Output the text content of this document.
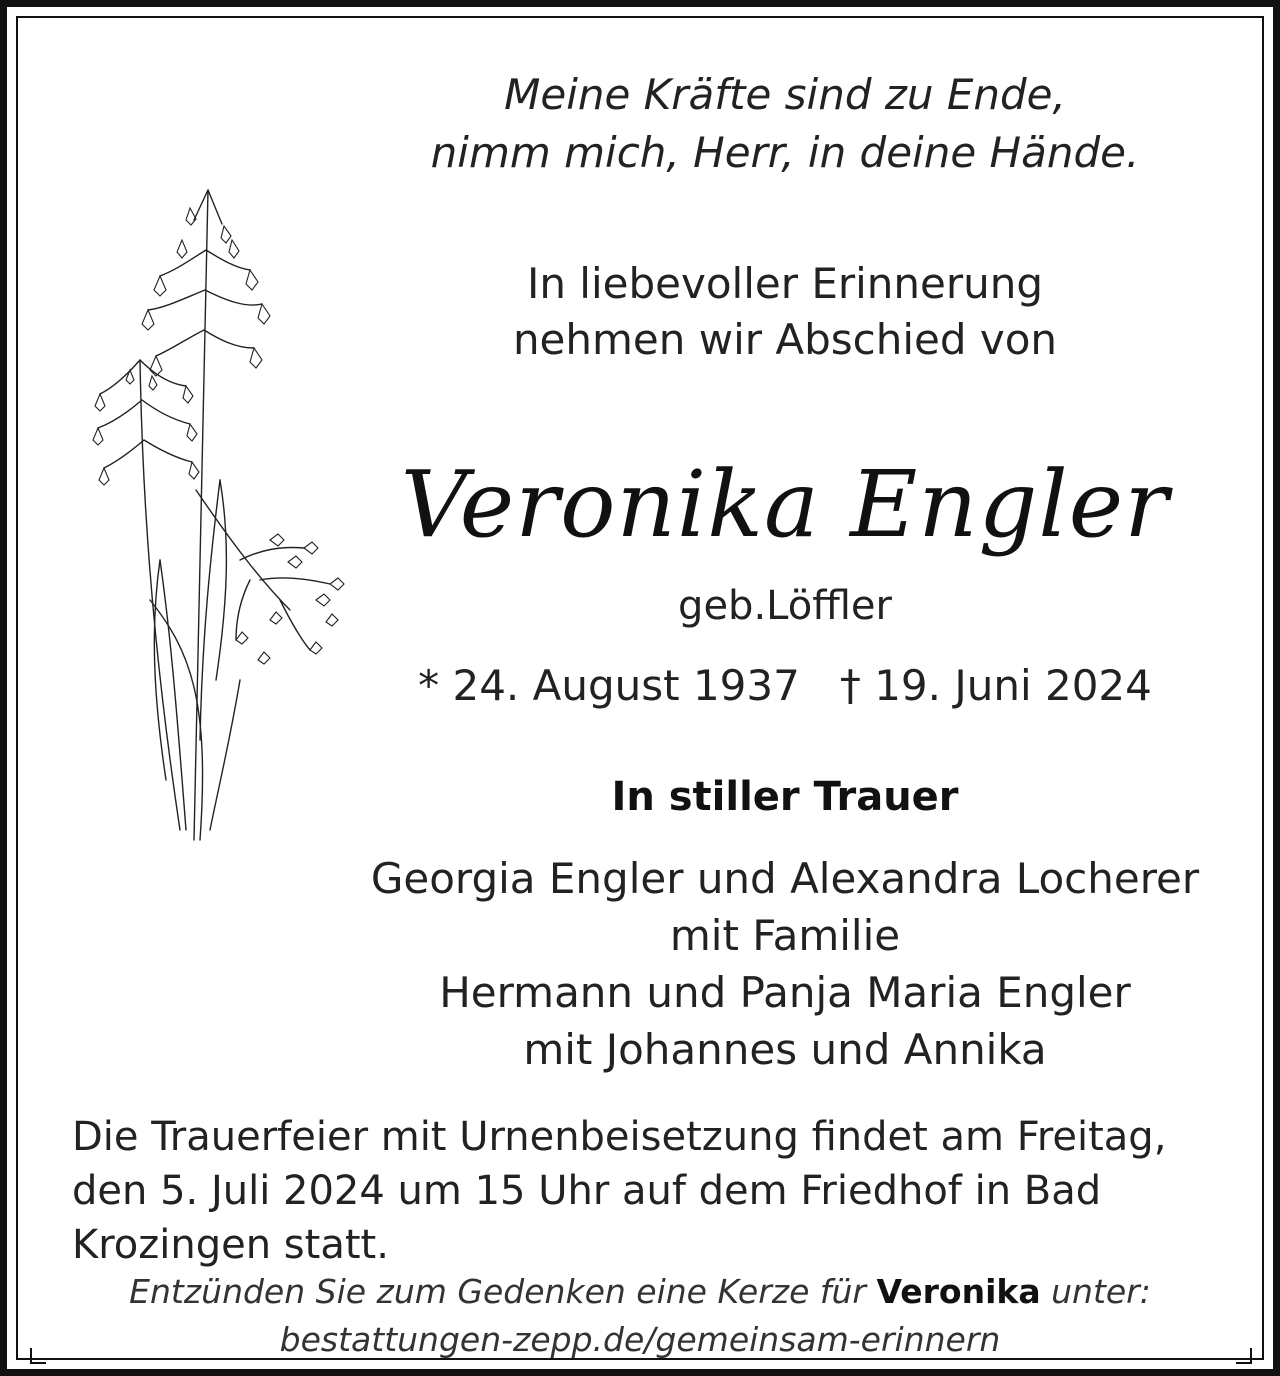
Meine Kräfte sind zu Ende,
nimm mich, Herr, in deine Hände.
In liebevoller Erinnerung
nehmen wir Abschied von
Veronika Engler
geb.Löffler
* 24. August 1937 † 19. Juni 2024
In stiller Trauer
Georgia Engler und Alexandra Locherer
mit Familie
Hermann und Panja Maria Engler
mit Johannes und Annika
Die Trauerfeier mit Urnenbeisetzung findet am Freitag, den 5. Juli 2024 um 15 Uhr auf dem Friedhof in Bad Krozingen statt.
Entzünden Sie zum Gedenken eine Kerze für Veronika unter:
bestattungen-zepp.de/gemeinsam-erinnern
